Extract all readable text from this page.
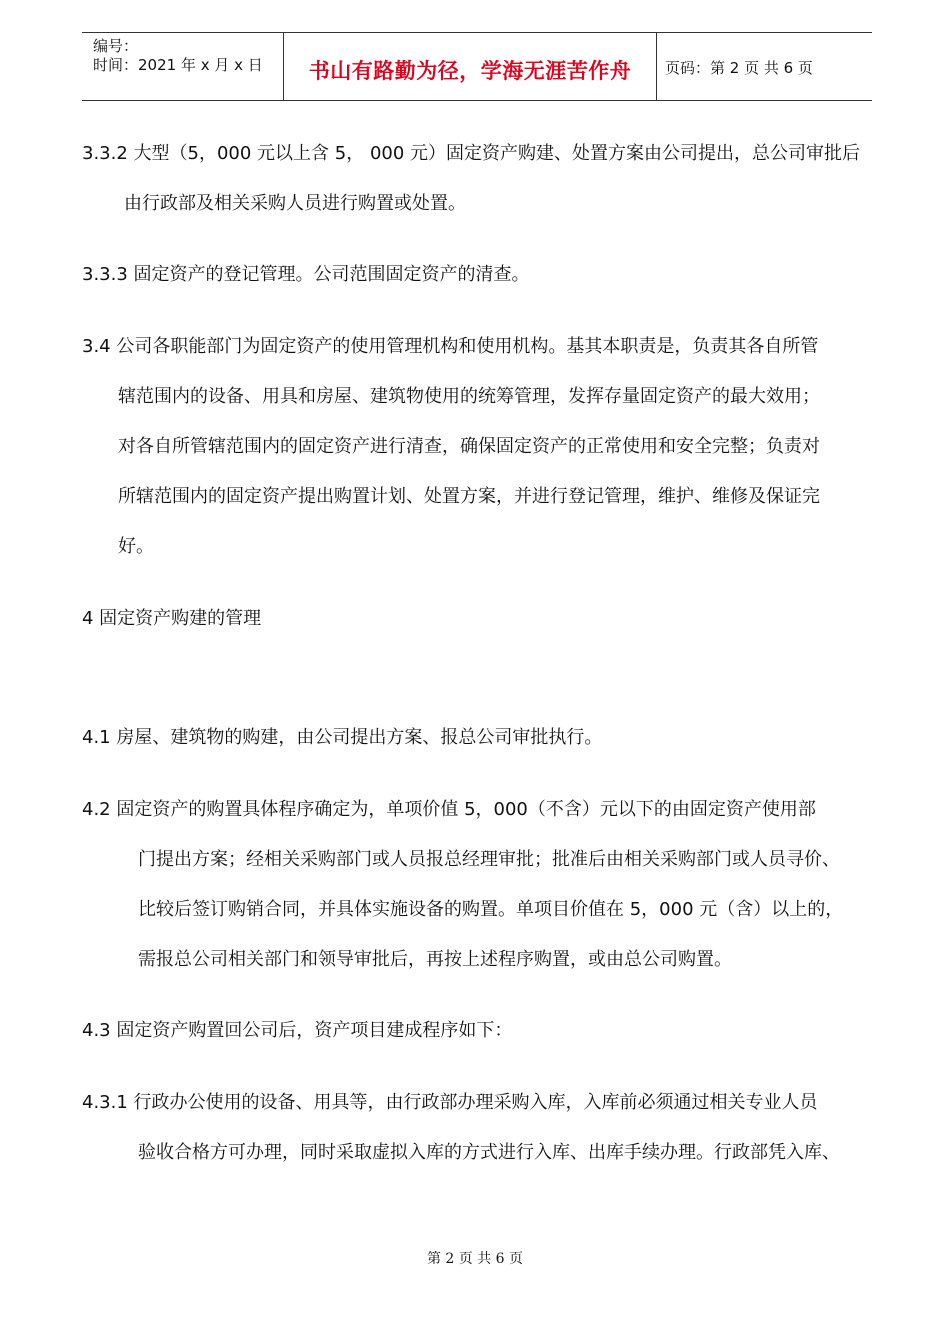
编号：
时间：2021 年 x 月 x 日	书山有路勤为径，学海无涯苦作舟	页码：第 2 页 共 6 页
3.3.2 大型（5，000 元以上含 5， 000 元）固定资产购建、处置方案由公司提出，总公司审批后
由行政部及相关采购人员进行购置或处置。
3.3.3 固定资产的登记管理。公司范围固定资产的清查。
3.4 公司各职能部门为固定资产的使用管理机构和使用机构。基其本职责是，负责其各自所管
辖范围内的设备、用具和房屋、建筑物使用的统筹管理，发挥存量固定资产的最大效用；
对各自所管辖范围内的固定资产进行清查，确保固定资产的正常使用和安全完整；负责对
所辖范围内的固定资产提出购置计划、处置方案，并进行登记管理，维护、维修及保证完
好。
4 固定资产购建的管理
4.1 房屋、建筑物的购建，由公司提出方案、报总公司审批执行。
4.2 固定资产的购置具体程序确定为，单项价值 5，000（不含）元以下的由固定资产使用部
门提出方案；经相关采购部门或人员报总经理审批；批准后由相关采购部门或人员寻价、
比较后签订购销合同，并具体实施设备的购置。单项目价值在 5，000 元（含）以上的，
需报总公司相关部门和领导审批后，再按上述程序购置，或由总公司购置。
4.3 固定资产购置回公司后，资产项目建成程序如下：
4.3.1 行政办公使用的设备、用具等，由行政部办理采购入库，入库前必须通过相关专业人员
验收合格方可办理，同时采取虚拟入库的方式进行入库、出库手续办理。行政部凭入库、
第 2 页 共 6 页
